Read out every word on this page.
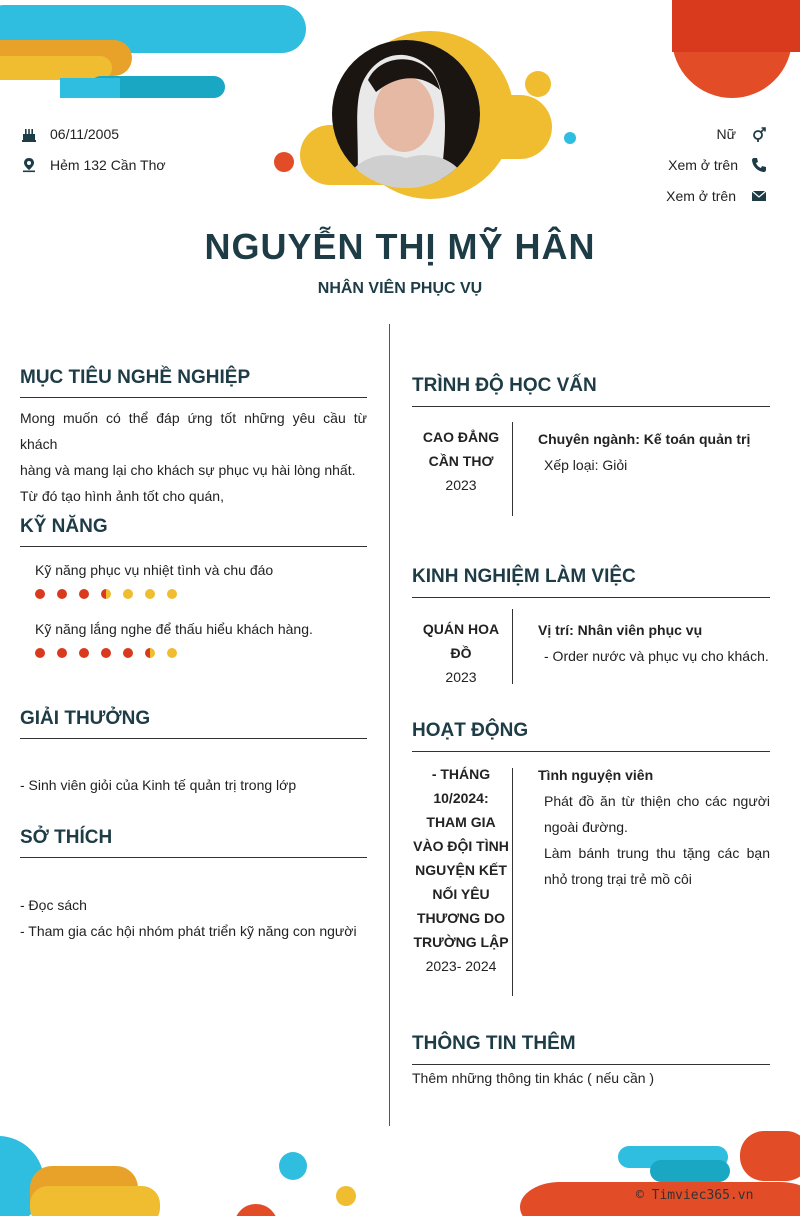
06/11/2005
Hẻm 132 Cần Thơ
Nữ
Xem ở trên
Xem ở trên
NGUYỄN THỊ MỸ HÂN
NHÂN VIÊN PHỤC VỤ
MỤC TIÊU NGHỀ NGHIỆP
Mong muốn có thể đáp ứng tốt những yêu cầu từ khách
hàng và mang lại cho khách sự phục vụ hài lòng nhất.
Từ đó tạo hình ảnh tốt cho quán,
KỸ NĂNG
Kỹ năng phục vụ nhiệt tình và chu đáo
Kỹ năng lắng nghe để thấu hiểu khách hàng.
GIẢI THƯỞNG
- Sinh viên giỏi của Kinh tế quản trị trong lớp
SỞ THÍCH
- Đọc sách
- Tham gia các hội nhóm phát triển kỹ năng con người
TRÌNH ĐỘ HỌC VẤN
CAO ĐẲNG
CẦN THƠ
2023
Chuyên ngành: Kế toán quản trị
Xếp loại: Giỏi
KINH NGHIỆM LÀM VIỆC
QUÁN HOA ĐỒ
2023
Vị trí: Nhân viên phục vụ
- Order nước và phục vụ cho khách.
HOẠT ĐỘNG
- THÁNG
10/2024:
THAM GIA
VÀO ĐỘI TÌNH
NGUYỆN KẾT
NỐI YÊU
THƯƠNG DO
TRƯỜNG LẬP
2023- 2024
Tình nguyện viên
Phát đồ ăn từ thiện cho các người
ngoài đường.
Làm bánh trung thu tặng các bạn
nhỏ trong trại trẻ mồ côi
THÔNG TIN THÊM
Thêm những thông tin khác ( nếu cần )
© Timviec365.vn
